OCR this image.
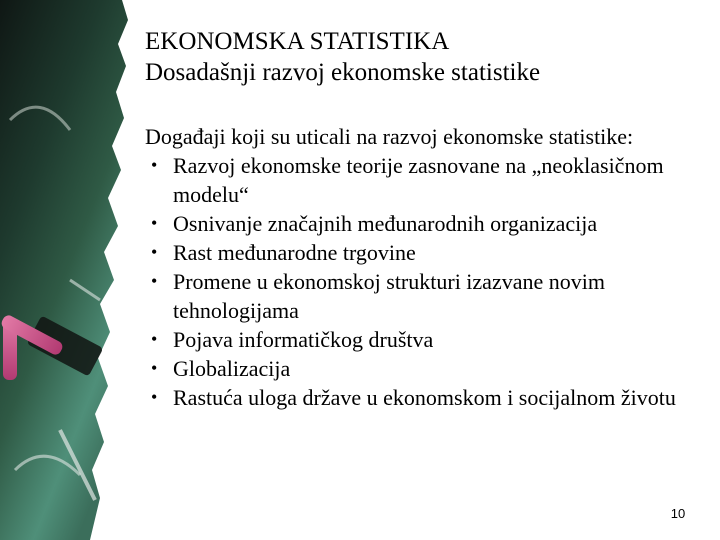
EKONOMSKA STATISTIKA
Dosadašnji razvoj ekonomske statistike

Događaji koji su uticali na razvoj ekonomske statistike:

• Razvoj ekonomske teorije zasnovane na „neoklasičnom modelu“
• Osnivanje značajnih međunarodnih organizacija
• Rast međunarodne trgovine
• Promene u ekonomskoj strukturi izazvane novim tehnologijama
• Pojava informatičkog društva
• Globalizacija
• Rastuća uloga države u ekonomskom i socijalnom životu
10
